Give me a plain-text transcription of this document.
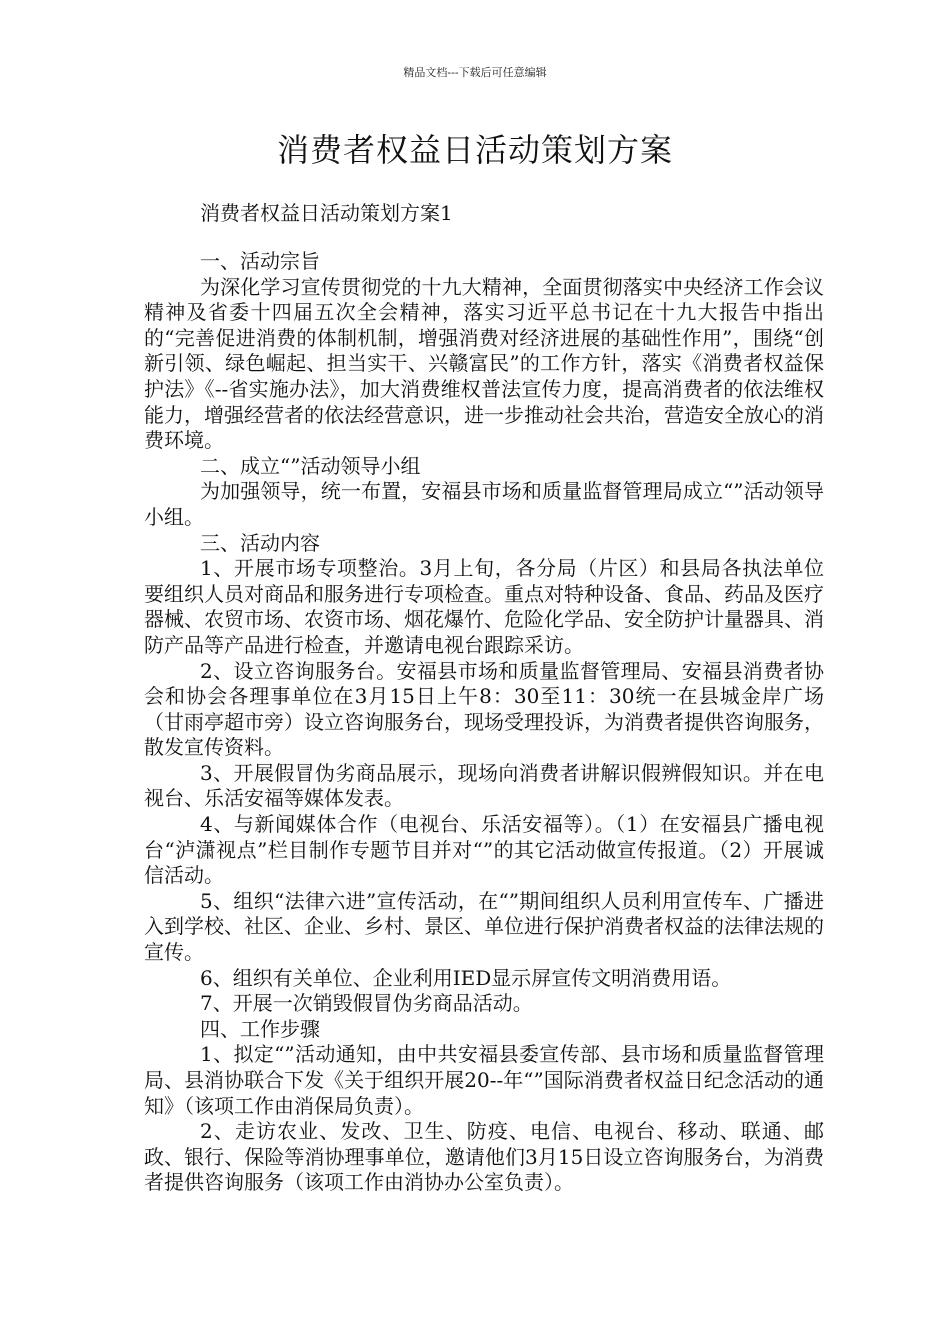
精品文档---下载后可任意编辑
消费者权益日活动策划方案
消费者权益日活动策划方案1

一、活动宗旨

为深化学习宣传贯彻党的十九大精神，全面贯彻落实中央经济工作会议精神及省委十四届五次全会精神，落实习近平总书记在十九大报告中指出的“完善促进消费的体制机制，增强消费对经济进展的基础性作用”，围绕“创新引领、绿色崛起、担当实干、兴赣富民”的工作方针，落实《消费者权益保护法》《--省实施办法》，加大消费维权普法宣传力度，提高消费者的依法维权能力，增强经营者的依法经营意识，进一步推动社会共治，营造安全放心的消费环境。

二、成立“”活动领导小组

为加强领导，统一布置，安福县市场和质量监督管理局成立“”活动领导小组。

三、活动内容

1、开展市场专项整治。3月上旬，各分局（片区）和县局各执法单位要组织人员对商品和服务进行专项检查。重点对特种设备、食品、药品及医疗器械、农贸市场、农资市场、烟花爆竹、危险化学品、安全防护计量器具、消防产品等产品进行检查，并邀请电视台跟踪采访。

2、设立咨询服务台。安福县市场和质量监督管理局、安福县消费者协会和协会各理事单位在3月15日上午8：30至11：30统一在县城金岸广场（甘雨亭超市旁）设立咨询服务台，现场受理投诉，为消费者提供咨询服务，散发宣传资料。

3、开展假冒伪劣商品展示，现场向消费者讲解识假辨假知识。并在电视台、乐活安福等媒体发表。

4、与新闻媒体合作（电视台、乐活安福等）。（1）在安福县广播电视台“泸潇视点”栏目制作专题节目并对“”的其它活动做宣传报道。（2）开展诚信活动。

5、组织“法律六进”宣传活动，在“”期间组织人员利用宣传车、广播进入到学校、社区、企业、乡村、景区、单位进行保护消费者权益的法律法规的宣传。

6、组织有关单位、企业利用IED显示屏宣传文明消费用语。

7、开展一次销毁假冒伪劣商品活动。

四、工作步骤

1、拟定“”活动通知，由中共安福县委宣传部、县市场和质量监督管理局、县消协联合下发《关于组织开展20--年“”国际消费者权益日纪念活动的通知》（该项工作由消保局负责）。

2、走访农业、发改、卫生、防疫、电信、电视台、移动、联通、邮政、银行、保险等消协理事单位，邀请他们3月15日设立咨询服务台，为消费者提供咨询服务（该项工作由消协办公室负责）。
